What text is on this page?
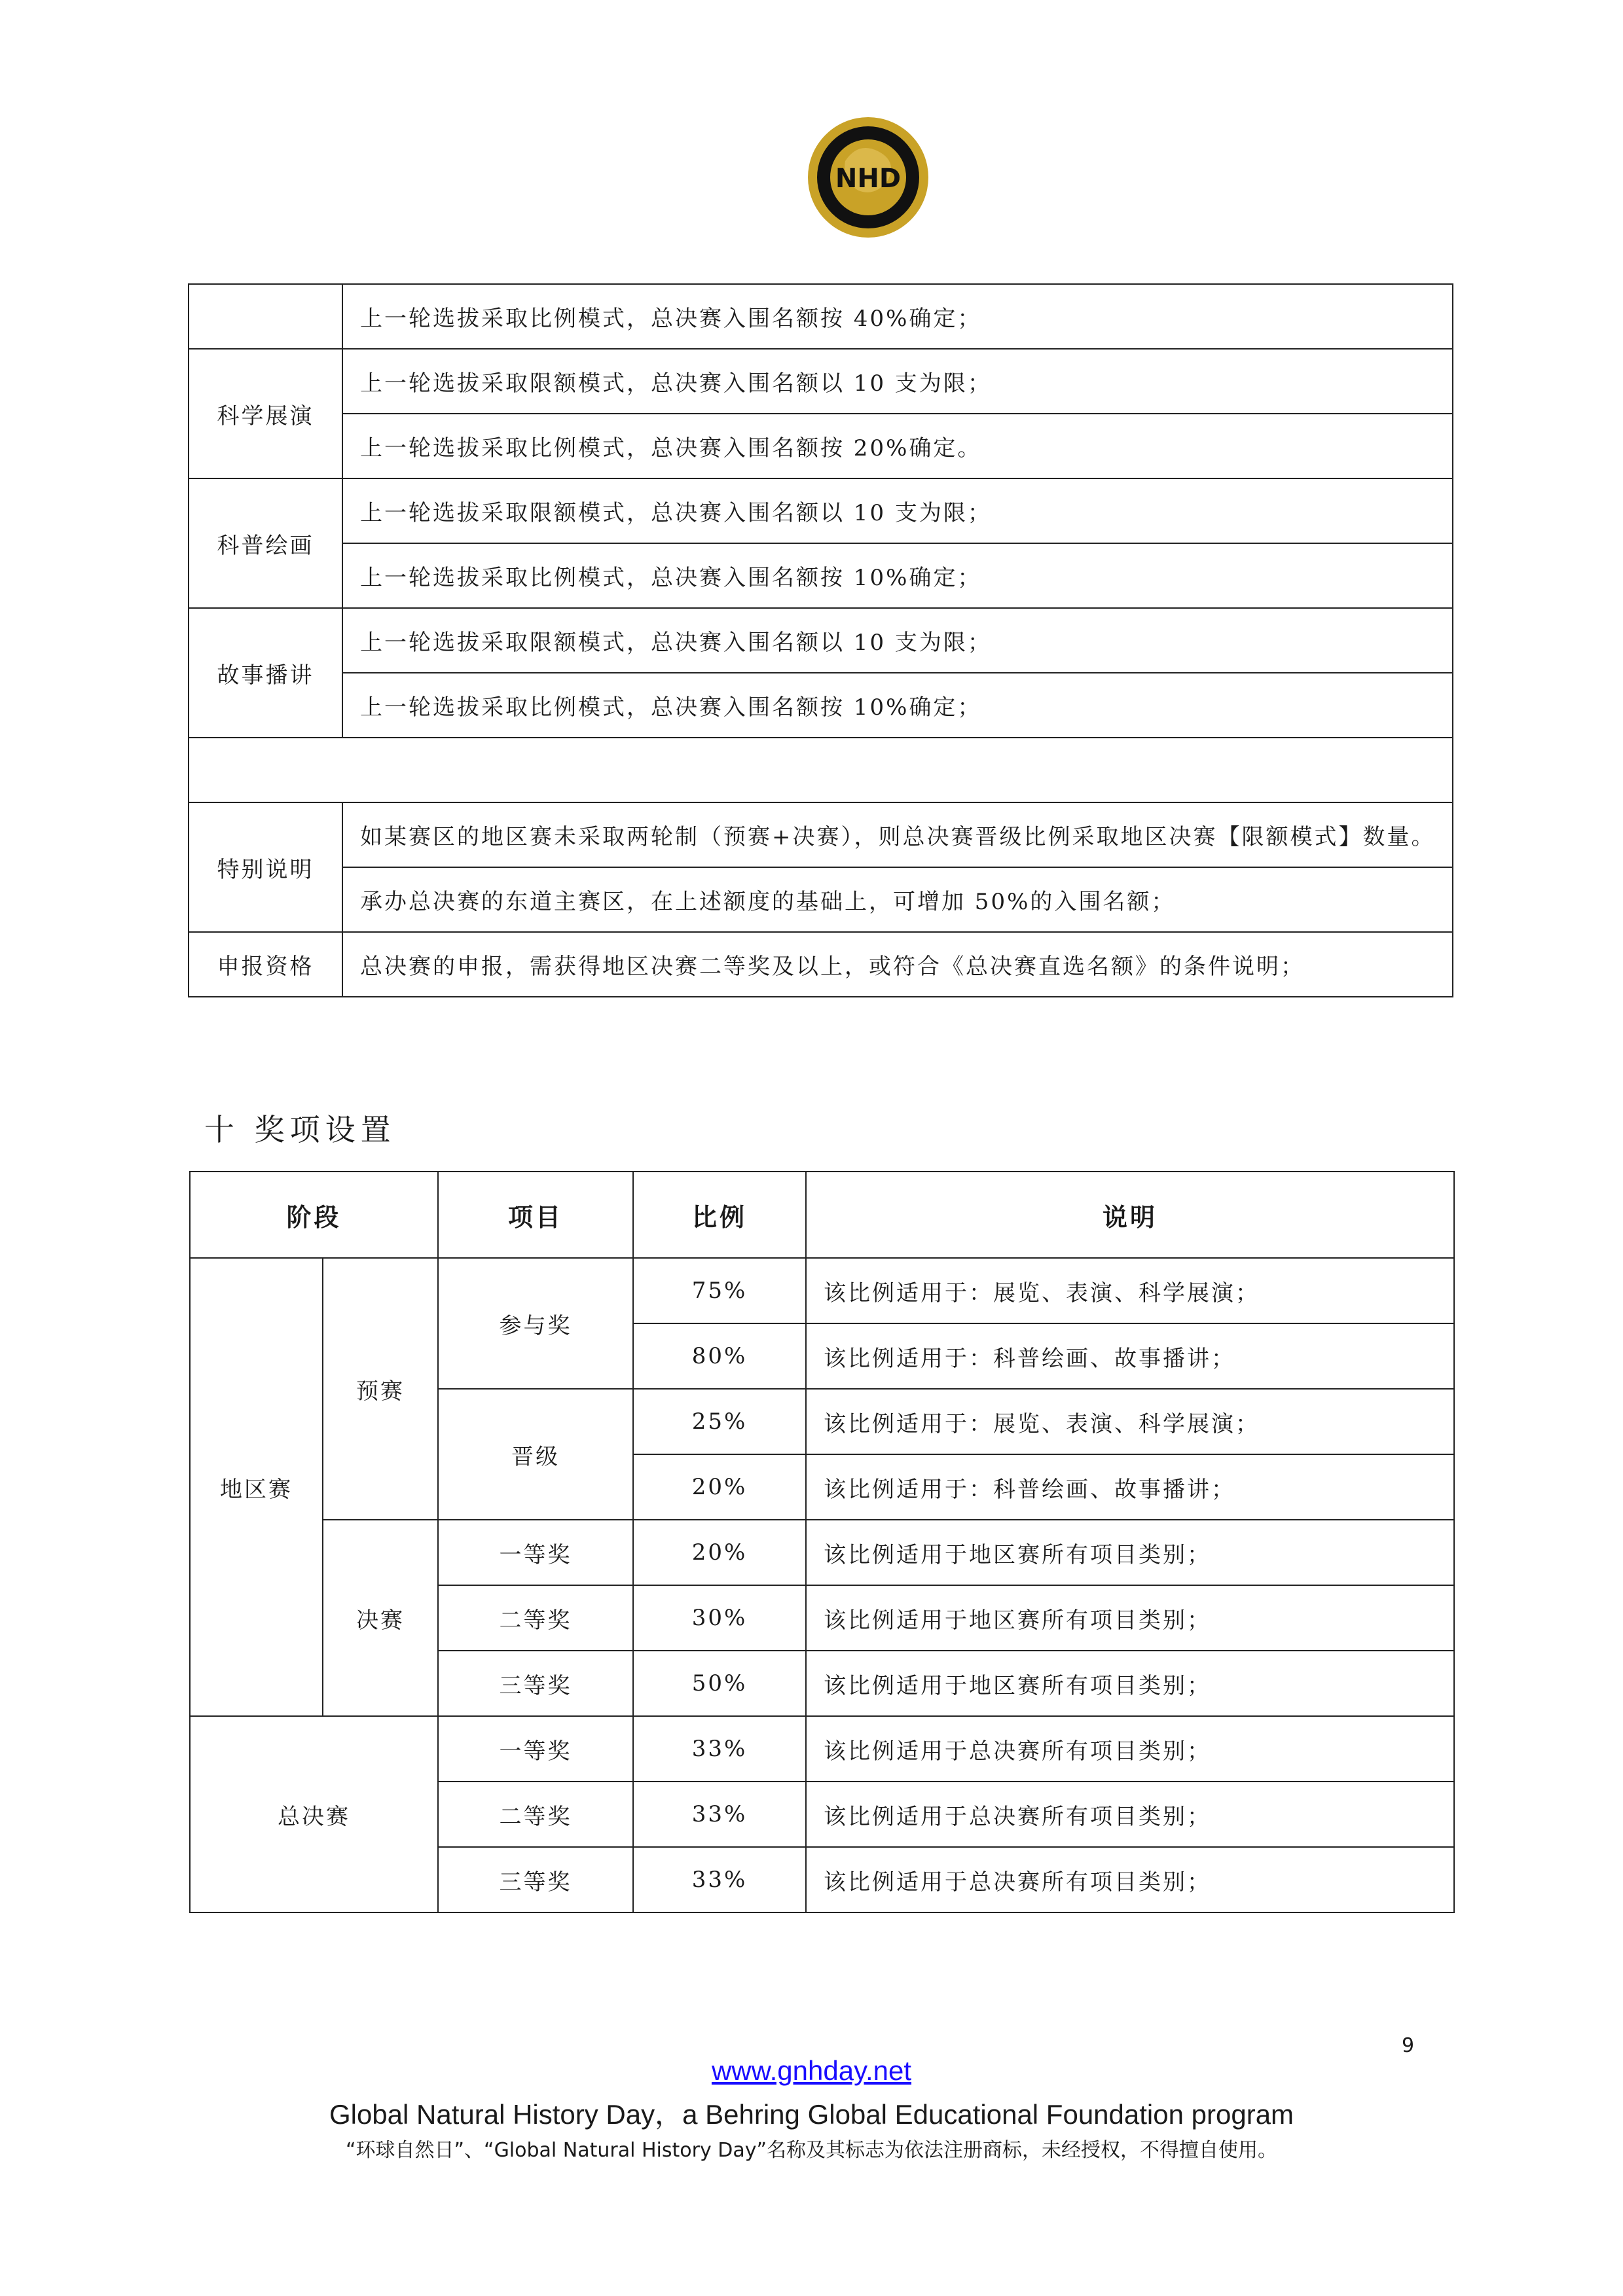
NHD
	上一轮选拔采取比例模式，总决赛入围名额按 40%确定；
科学展演	上一轮选拔采取限额模式，总决赛入围名额以 10 支为限；
	上一轮选拔采取比例模式，总决赛入围名额按 20%确定。
科普绘画	上一轮选拔采取限额模式，总决赛入围名额以 10 支为限；
	上一轮选拔采取比例模式，总决赛入围名额按 10%确定；
故事播讲	上一轮选拔采取限额模式，总决赛入围名额以 10 支为限；
	上一轮选拔采取比例模式，总决赛入围名额按 10%确定；

特别说明	如某赛区的地区赛未采取两轮制（预赛+决赛），则总决赛晋级比例采取地区决赛【限额模式】数量。
	承办总决赛的东道主赛区，在上述额度的基础上，可增加 50%的入围名额；
申报资格	总决赛的申报，需获得地区决赛二等奖及以上，或符合《总决赛直选名额》的条件说明；
十 奖项设置
阶段		项目	比例	说明
地区赛	预赛	参与奖	75%	该比例适用于：展览、表演、科学展演；
			80%	该比例适用于：科普绘画、故事播讲；
		晋级	25%	该比例适用于：展览、表演、科学展演；
			20%	该比例适用于：科普绘画、故事播讲；
	决赛	一等奖	20%	该比例适用于地区赛所有项目类别；
		二等奖	30%	该比例适用于地区赛所有项目类别；
		三等奖	50%	该比例适用于地区赛所有项目类别；
总决赛		一等奖	33%	该比例适用于总决赛所有项目类别；
		二等奖	33%	该比例适用于总决赛所有项目类别；
		三等奖	33%	该比例适用于总决赛所有项目类别；
9
www.gnhday.net
Global Natural History Day，a Behring Global Educational Foundation program
“环球自然日”、“Global Natural History Day”名称及其标志为依法注册商标，未经授权，不得擅自使用。
